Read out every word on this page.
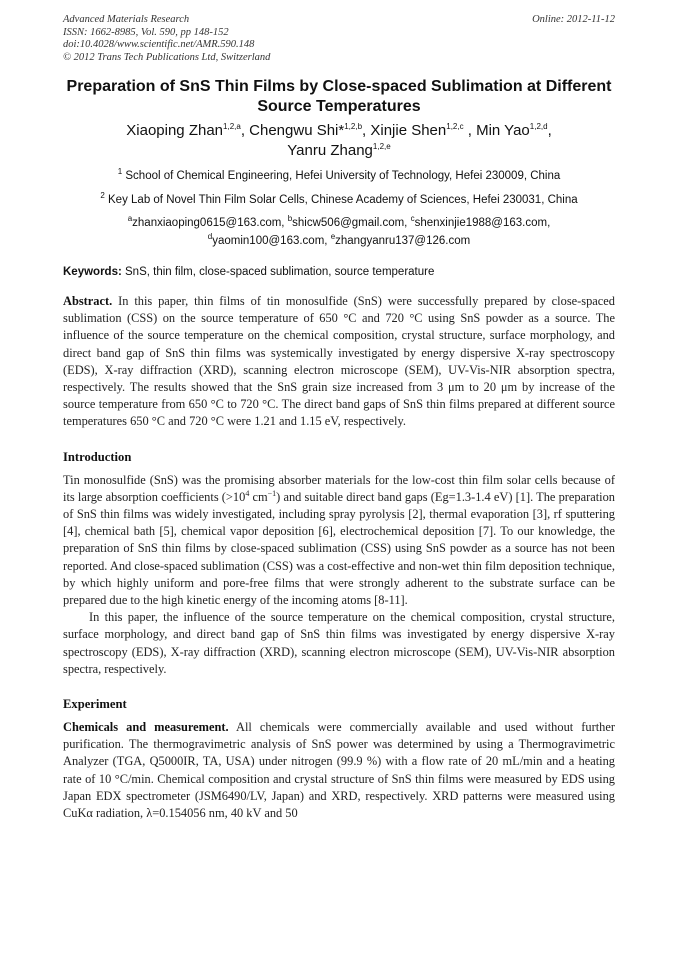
Advanced Materials Research	Online: 2012-11-12
ISSN: 1662-8985, Vol. 590, pp 148-152
doi:10.4028/www.scientific.net/AMR.590.148
© 2012 Trans Tech Publications Ltd, Switzerland
Preparation of SnS Thin Films by Close-spaced Sublimation at Different Source Temperatures
Xiaoping Zhan$^{1,2,a}$, Chengwu Shi*$^{1,2,b}$, Xinjie Shen$^{1,2,c}$ , Min Yao$^{1,2,d}$,
Yanru Zhang$^{1,2,e}$
$^1$ School of Chemical Engineering, Hefei University of Technology, Hefei 230009, China
$^2$ Key Lab of Novel Thin Film Solar Cells, Chinese Academy of Sciences, Hefei 230031, China
$^a$zhanxiaoping0615@163.com, $^b$shicw506@gmail.com, $^c$shenxinjie1988@163.com,
$^d$yaomin100@163.com, $^e$zhangyanru137@126.com
Keywords: SnS, thin film, close-spaced sublimation, source temperature

Abstract. In this paper, thin films of tin monosulfide (SnS) were successfully prepared by close-spaced sublimation (CSS) on the source temperature of 650 °C and 720 °C using SnS powder as a source. The influence of the source temperature on the chemical composition, crystal structure, surface morphology, and direct band gap of SnS thin films was systemically investigated by energy dispersive X-ray spectroscopy (EDS), X-ray diffraction (XRD), scanning electron microscope (SEM), UV-Vis-NIR absorption spectra, respectively. The results showed that the SnS grain size increased from 3 μm to 20 μm by increase of the source temperature from 650 °C to 720 °C. The direct band gaps of SnS thin films prepared at different source temperatures 650 °C and 720 °C were 1.21 and 1.15 eV, respectively.

Introduction

Tin monosulfide (SnS) was the promising absorber materials for the low-cost thin film solar cells because of its large absorption coefficients ($>10^4$ $cm^{-1}$) and suitable direct band gaps (Eg=1.3-1.4 eV) [1]. The preparation of SnS thin films was widely investigated, including spray pyrolysis [2], thermal evaporation [3], rf sputtering [4], chemical bath [5], chemical vapor deposition [6], electrochemical deposition [7]. To our knowledge, the preparation of SnS thin films by close-spaced sublimation (CSS) using SnS powder as a source has not been reported. And close-spaced sublimation (CSS) was a cost-effective and non-wet thin film deposition technique, by which highly uniform and pore-free films that were strongly adherent to the substrate surface can be prepared due to the high kinetic energy of the incoming atoms [8-11].

In this paper, the influence of the source temperature on the chemical composition, crystal structure, surface morphology, and direct band gap of SnS thin films was investigated by energy dispersive X-ray spectroscopy (EDS), X-ray diffraction (XRD), scanning electron microscope (SEM), UV-Vis-NIR absorption spectra, respectively.

Experiment

Chemicals and measurement. All chemicals were commercially available and used without further purification. The thermogravimetric analysis of SnS power was determined by using a Thermogravimetric Analyzer (TGA, Q5000IR, TA, USA) under nitrogen (99.9 %) with a flow rate of 20 mL/min and a heating rate of 10 °C/min. Chemical composition and crystal structure of SnS thin films were measured by EDS using Japan EDX spectrometer (JSM6490/LV, Japan) and XRD, respectively. XRD patterns were measured using CuKα radiation, λ=0.154056 nm, 40 kV and 50
